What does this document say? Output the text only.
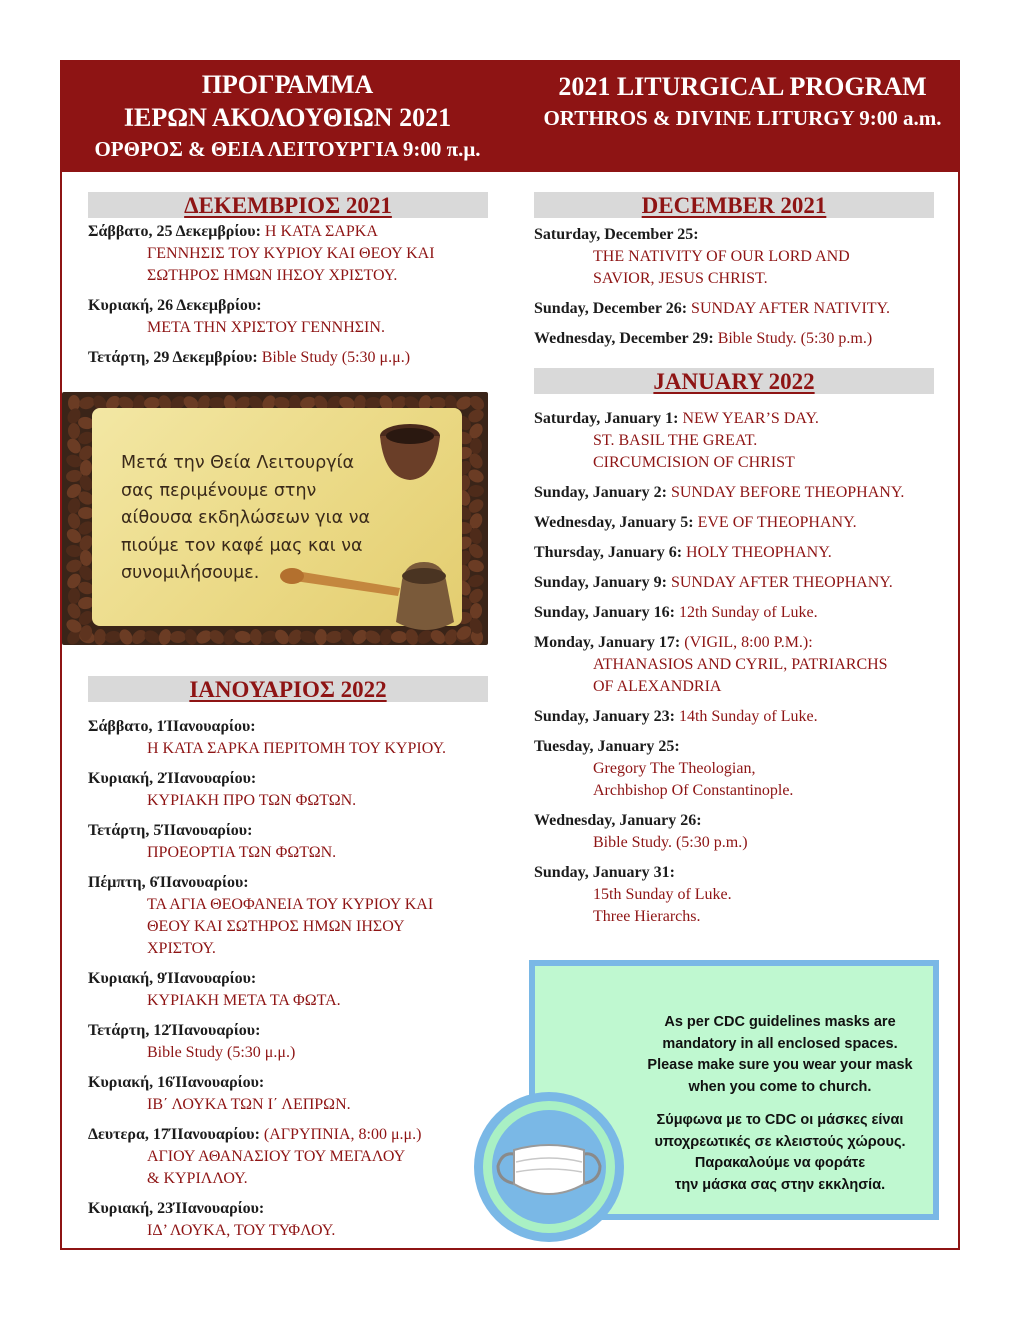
ΠΡΟΓΡΑΜΜΑ
ΙΕΡΩΝ ΑΚΟΛΟΥΘΙΩΝ 2021
ΟΡΘΡΟΣ & ΘΕΙΑ ΛΕΙΤΟΥΡΓΙΑ 9:00 π.μ.
2021 LITURGICAL PROGRAM
ORTHROS & DIVINE LITURGY 9:00 a.m.
ΔΕΚΕΜΒΡΙΟΣ 2021
Σάββατο, 25 Δεκεμβρίου: Η ΚΑΤΑ ΣΑΡΚΑ
ΓΕΝΝΗΣΙΣ ΤΟΥ ΚΥΡΙΟΥ ΚΑΙ ΘΕΟΥ ΚΑΙ
ΣΩΤΗΡΟΣ ΗΜΩΝ ΙΗΣΟΥ ΧΡΙΣΤΟΥ.
Κυριακή, 26 Δεκεμβρίου:
ΜΕΤΑ ΤΗΝ ΧΡΙΣΤΟΥ ΓΕΝΝΗΣΙΝ.
Τετάρτη, 29 Δεκεμβρίου: Bible Study (5:30 μ.μ.)
Μετά την Θεία Λειτουργία
σας περιμένουμε στην
αίθουσα εκδηλώσεων για να
πιούμε τον καφέ μας και να
συνομιλήσουμε.
ΙΑΝΟΥΑΡΙΟΣ 2022
Σάββατο, 1ΊΙανουαρίου:
Η ΚΑΤΑ ΣΑΡΚΑ ΠΕΡΙΤΟΜΗ ΤΟΥ ΚΥΡΙΟΥ.
Κυριακή, 2ΊΙανουαρίου:
ΚΥΡΙΑΚΗ ΠΡΟ ΤΩΝ ΦΩΤΩΝ.
Τετάρτη, 5ΊΙανουαρίου:
ΠΡΟΕΟΡΤΙΑ ΤΩΝ ΦΩΤΩΝ.
Πέμπτη, 6ΊΙανουαρίου:
ΤΑ ΑΓΙΑ ΘΕΟΦΑΝΕΙΑ ΤΟΥ ΚΥΡΙΟΥ ΚΑΙ
ΘΕΟΥ ΚΑΙ ΣΩΤΗΡΟΣ ΗΜΩΝ ΙΗΣΟΥ
ΧΡΙΣΤΟΥ.
Κυριακή, 9ΊΙανουαρίου:
ΚΥΡΙΑΚΗ ΜΕΤΑ ΤΑ ΦΩΤΑ.
Τετάρτη, 12ΊΙανουαρίου:
Bible Study (5:30 μ.μ.)
Κυριακή, 16ΊΙανουαρίου:
ΙΒ΄ ΛΟΥΚΑ ΤΩΝ Ι΄ ΛΕΠΡΩΝ.
Δευτερα, 17ΊΙανουαρίου: (ΑΓΡΥΠΝΙΑ, 8:00 μ.μ.)
ΑΓΙΟΥ ΑΘΑΝΑΣΙΟΥ ΤΟΥ ΜΕΓΑΛΟΥ
& ΚΥΡΙΛΛΟΥ.
Κυριακή, 23ΊΙανουαρίου:
ΙΔ’ ΛΟΥΚΑ, ΤΟΥ ΤΥΦΛΟΥ.
DECEMBER 2021
Saturday, December 25:
THE NATIVITY OF OUR LORD AND
SAVIOR, JESUS CHRIST.
Sunday, December 26: SUNDAY AFTER NATIVITY.
Wednesday, December 29: Bible Study. (5:30 p.m.)
JANUARY 2022
Saturday, January 1: NEW YEAR’S DAY.
ST. BASIL THE GREAT.
CIRCUMCISION OF CHRIST
Sunday, January 2: SUNDAY BEFORE THEOPHANY.
Wednesday, January 5: EVE OF THEOPHANY.
Thursday, January 6: HOLY THEOPHANY.
Sunday, January 9: SUNDAY AFTER THEOPHANY.
Sunday, January 16: 12th Sunday of Luke.
Monday, January 17: (VIGIL, 8:00 P.M.):
ATHANASIOS AND CYRIL, PATRIARCHS
OF ALEXANDRIA
Sunday, January 23: 14th Sunday of Luke.
Tuesday, January 25:
Gregory The Theologian,
Archbishop Of Constantinople.
Wednesday, January 26:
Bible Study. (5:30 p.m.)
Sunday, January 31:
15th Sunday of Luke.
Three Hierarchs.
As per CDC guidelines masks are
mandatory in all enclosed spaces.
Please make sure you wear your mask
when you come to church.
Σύμφωνα με το CDC οι μάσκες είναι
υποχρεωτικές σε κλειστούς χώρους.
Παρακαλούμε να φοράτε
την μάσκα σας στην εκκλησία.
